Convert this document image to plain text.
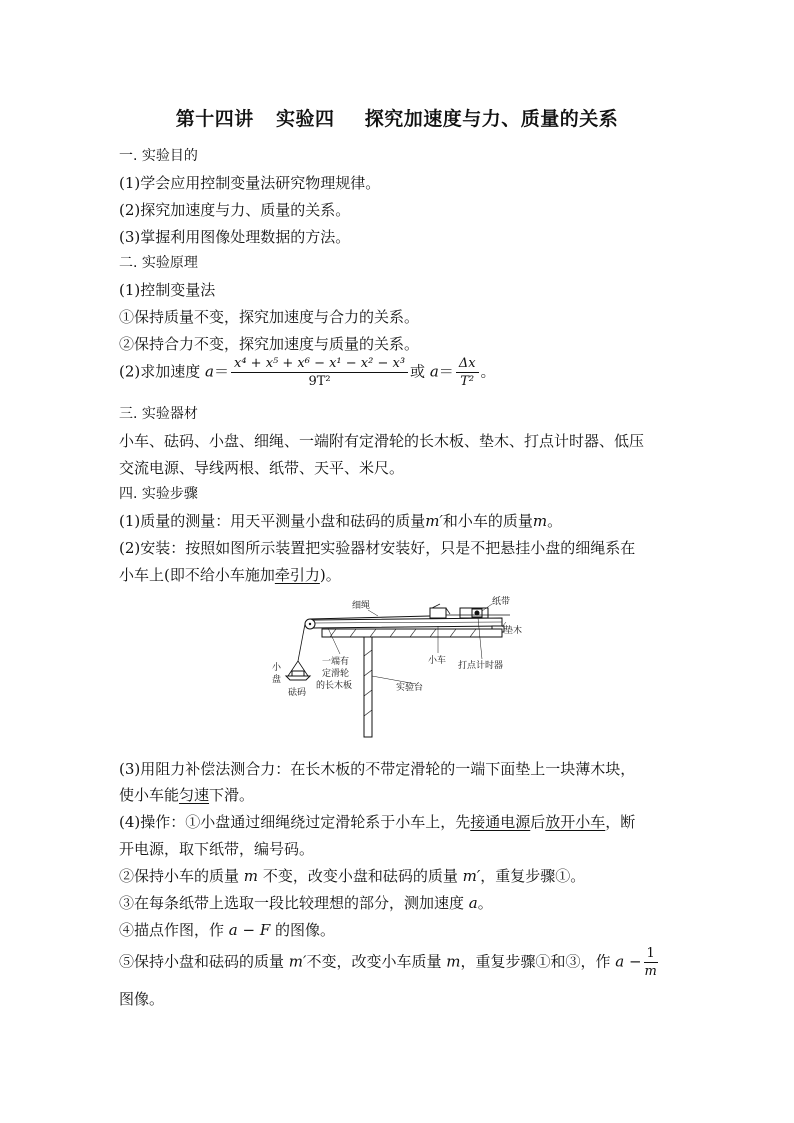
第十四讲 实验四 探究加速度与力、质量的关系
一. 实验目的
(1)学会应用控制变量法研究物理规律。
(2)探究加速度与力、质量的关系。
(3)掌握利用图像处理数据的方法。
二. 实验原理
(1)控制变量法
①保持质量不变，探究加速度与合力的关系。
②保持合力不变，探究加速度与质量的关系。
(2)求加速度 $a= \frac{\text{x⁴ + x⁵ + x⁶ − x¹ − x² − x³}}{\text{9T²}}$ 或 $a= \frac{\Delta x}{\text{T²}}$ 。
三. 实验器材
小车、砝码、小盘、细绳、一端附有定滑轮的长木板、垫木、打点计时器、低压
交流电源、导线两根、纸带、天平、米尺。
四. 实验步骤
(1)质量的测量：用天平测量小盘和砝码的质量m′和小车的质量m。
(2)安装：按照如图所示装置把实验器材安装好，只是不把悬挂小盘的细绳系在
小车上(即不给小车施加牵引力)。
细绳	纸带
垫木
小车 打点计时器
小
盘
砝码
一端有
定滑轮
的长木板	实验台
(3)用阻力补偿法测合力：在长木板的不带定滑轮的一端下面垫上一块薄木块，
使小车能匀速下滑。
(4)操作：①小盘通过细绳绕过定滑轮系于小车上，先接通电源后放开小车，断
开电源，取下纸带，编号码。
②保持小车的质量 m 不变，改变小盘和砝码的质量 m′，重复步骤①。
③在每条纸带上选取一段比较理想的部分，测加速度 a。
④描点作图，作 a − F 的图像。
⑤保持小盘和砝码的质量 m′不变，改变小车质量 m，重复步骤①和③，作 $a - \frac{1}{m}$
图像。
